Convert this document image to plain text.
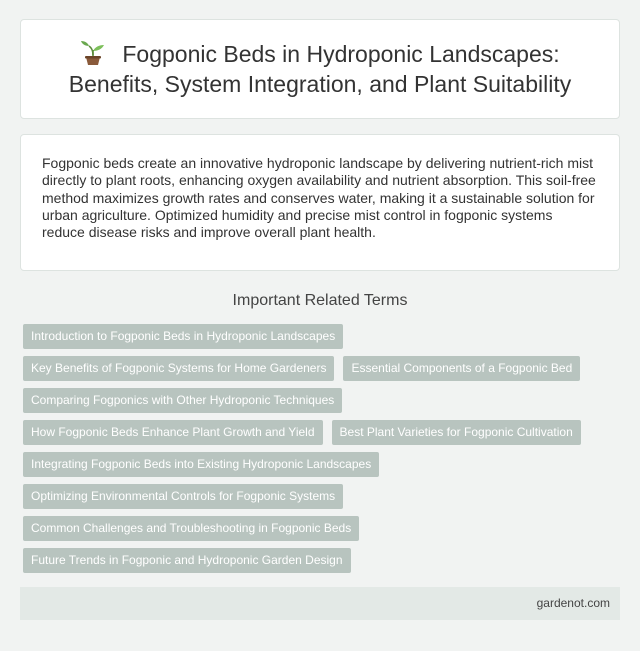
Fogponic Beds in Hydroponic Landscapes: Benefits, System Integration, and Plant Suitability

Fogponic beds create an innovative hydroponic landscape by delivering nutrient-rich mist directly to plant roots, enhancing oxygen availability and nutrient absorption. This soil-free method maximizes growth rates and conserves water, making it a sustainable solution for urban agriculture. Optimized humidity and precise mist control in fogponic systems reduce disease risks and improve overall plant health.

Important Related Terms
Introduction to Fogponic Beds in Hydroponic Landscapes
Key Benefits of Fogponic Systems for Home Gardeners	Essential Components of a Fogponic Bed
Comparing Fogponics with Other Hydroponic Techniques
How Fogponic Beds Enhance Plant Growth and Yield	Best Plant Varieties for Fogponic Cultivation
Integrating Fogponic Beds into Existing Hydroponic Landscapes
Optimizing Environmental Controls for Fogponic Systems
Common Challenges and Troubleshooting in Fogponic Beds
Future Trends in Fogponic and Hydroponic Garden Design
gardenot.com
